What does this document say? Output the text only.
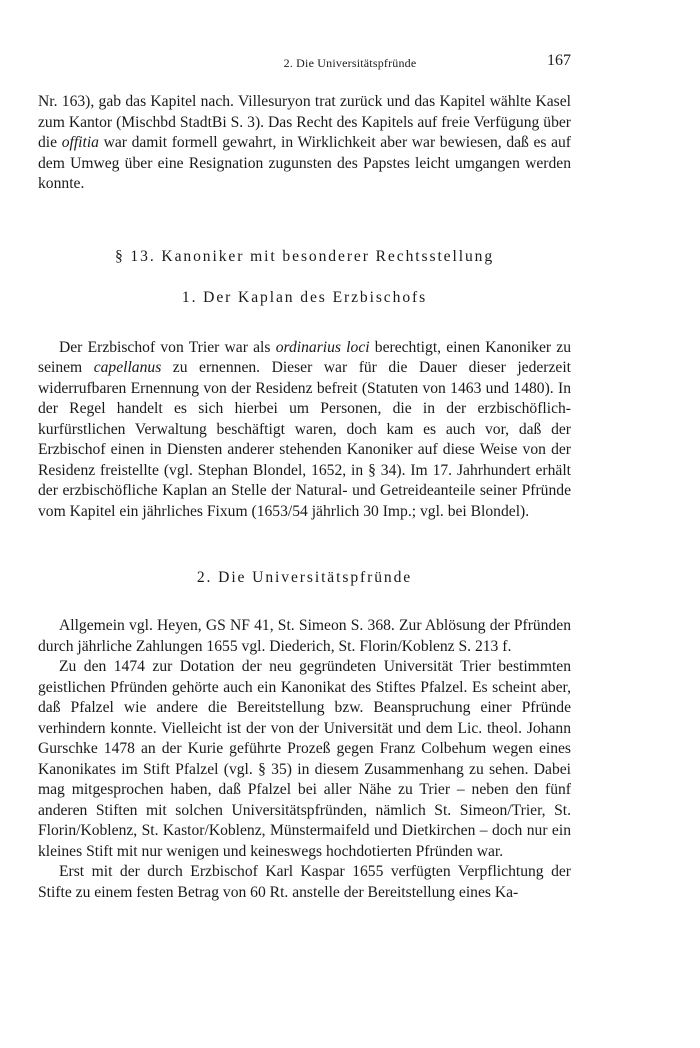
2. Die Universitätspfründe	167

Nr. 163), gab das Kapitel nach. Villesuryon trat zurück und das Kapitel wählte Kasel zum Kantor (Mischbd StadtBi S. 3). Das Recht des Kapitels auf freie Verfügung über die offitia war damit formell gewahrt, in Wirklichkeit aber war bewiesen, daß es auf dem Umweg über eine Resignation zugunsten des Papstes leicht umgangen werden konnte.

§ 13. Kanoniker mit besonderer Rechtsstellung
1. Der Kaplan des Erzbischofs

Der Erzbischof von Trier war als ordinarius loci berechtigt, einen Kanoniker zu seinem capellanus zu ernennen. Dieser war für die Dauer dieser jederzeit widerrufbaren Ernennung von der Residenz befreit (Statuten von 1463 und 1480). In der Regel handelt es sich hierbei um Personen, die in der erzbischöflich-kurfürstlichen Verwaltung beschäftigt waren, doch kam es auch vor, daß der Erzbischof einen in Diensten anderer stehenden Kanoniker auf diese Weise von der Residenz freistellte (vgl. Stephan Blondel, 1652, in § 34). Im 17. Jahrhundert erhält der erzbischöfliche Kaplan an Stelle der Natural- und Getreideanteile seiner Pfründe vom Kapitel ein jährliches Fixum (1653/54 jährlich 30 Imp.; vgl. bei Blondel).

2. Die Universitätspfründe

Allgemein vgl. Heyen, GS NF 41, St. Simeon S. 368. Zur Ablösung der Pfründen durch jährliche Zahlungen 1655 vgl. Diederich, St. Florin/Koblenz S. 213 f.

Zu den 1474 zur Dotation der neu gegründeten Universität Trier bestimmten geistlichen Pfründen gehörte auch ein Kanonikat des Stiftes Pfalzel. Es scheint aber, daß Pfalzel wie andere die Bereitstellung bzw. Beanspruchung einer Pfründe verhindern konnte. Vielleicht ist der von der Universität und dem Lic. theol. Johann Gurschke 1478 an der Kurie geführte Prozeß gegen Franz Colbehum wegen eines Kanonikates im Stift Pfalzel (vgl. § 35) in diesem Zusammenhang zu sehen. Dabei mag mitgesprochen haben, daß Pfalzel bei aller Nähe zu Trier – neben den fünf anderen Stiften mit solchen Universitätspfründen, nämlich St. Simeon/Trier, St. Florin/Koblenz, St. Kastor/Koblenz, Münstermaifeld und Dietkirchen – doch nur ein kleines Stift mit nur wenigen und keineswegs hochdotierten Pfründen war.

Erst mit der durch Erzbischof Karl Kaspar 1655 verfügten Verpflichtung der Stifte zu einem festen Betrag von 60 Rt. anstelle der Bereitstellung eines Ka-
